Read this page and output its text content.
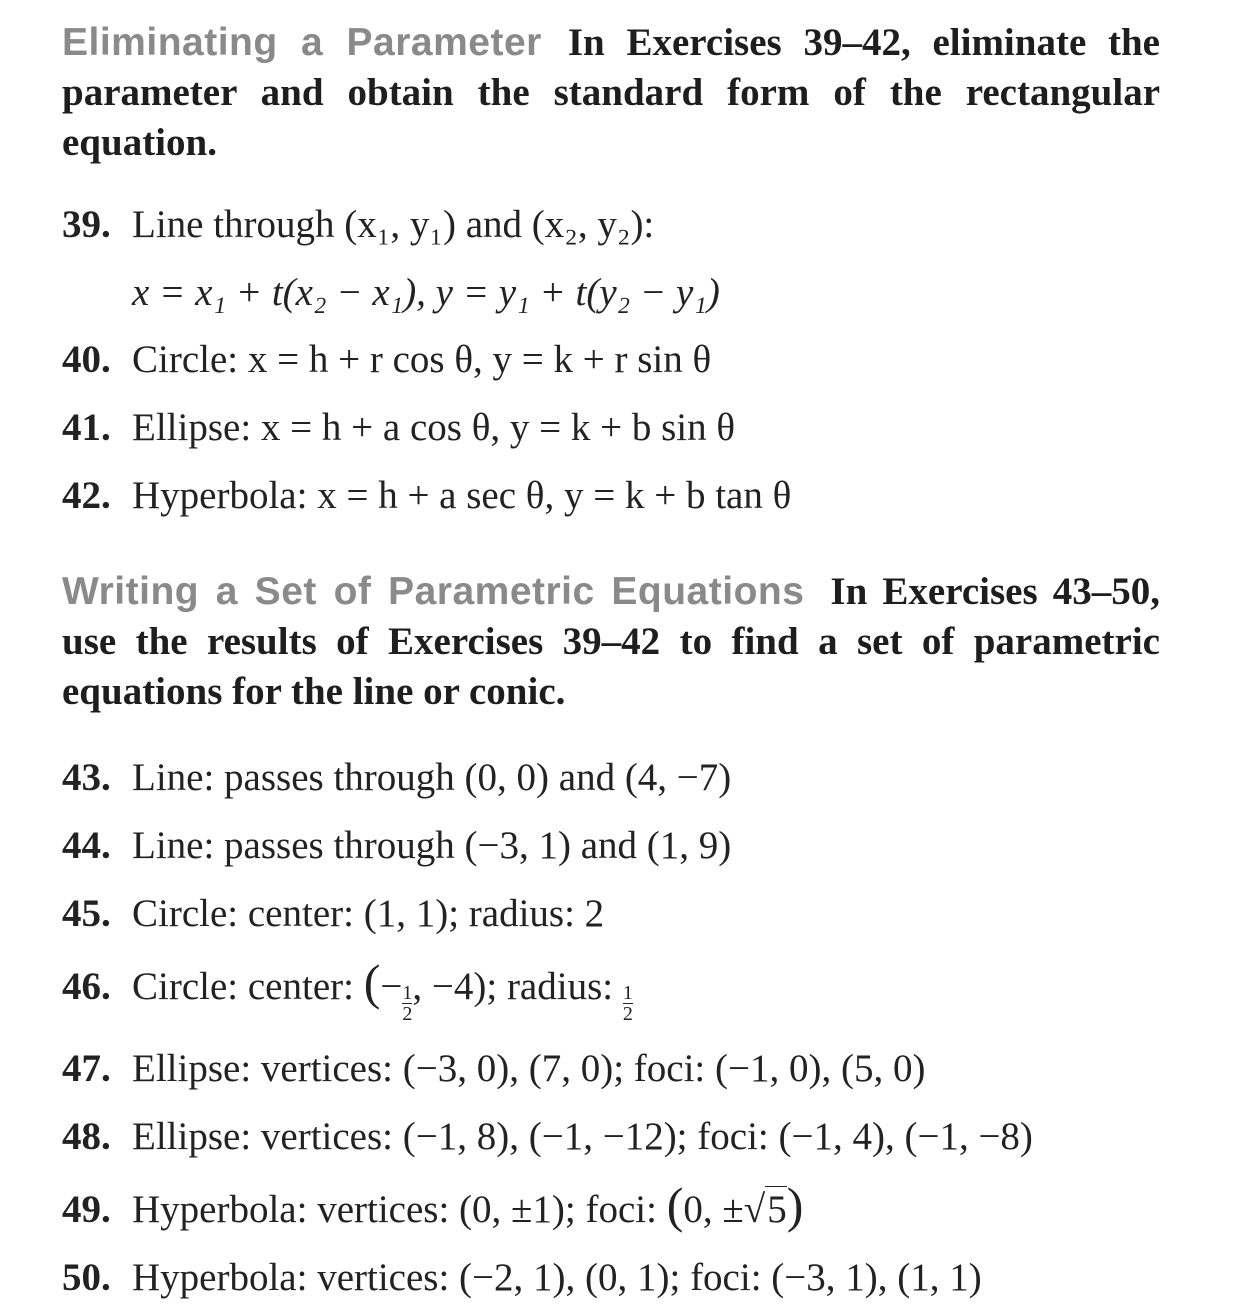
Eliminating a Parameter In Exercises 39–42, eliminate the parameter and obtain the standard form of the rectangular equation.
39. Line through (x₁, y₁) and (x₂, y₂):
x = x₁ + t(x₂ − x₁), y = y₁ + t(y₂ − y₁)
40. Circle: x = h + r cos θ, y = k + r sin θ
41. Ellipse: x = h + a cos θ, y = k + b sin θ
42. Hyperbola: x = h + a sec θ, y = k + b tan θ
Writing a Set of Parametric Equations In Exercises 43–50, use the results of Exercises 39–42 to find a set of parametric equations for the line or conic.
43. Line: passes through (0, 0) and (4, −7)
44. Line: passes through (−3, 1) and (1, 9)
45. Circle: center: (1, 1); radius: 2
46. Circle: center:
( − $\frac{1}{2}$ , −4); radius:
$\frac{1}{2}$
47. Ellipse: vertices: (−3, 0), (7, 0); foci: (−1, 0), (5, 0)
48. Ellipse: vertices: (−1, 8), (−1, −12); foci: (−1, 4), (−1, −8)
49. Hyperbola: vertices: (0, ±1); foci:
( 0, ± √ 5 )
50. Hyperbola: vertices: (−2, 1), (0, 1); foci: (−3, 1), (1, 1)
